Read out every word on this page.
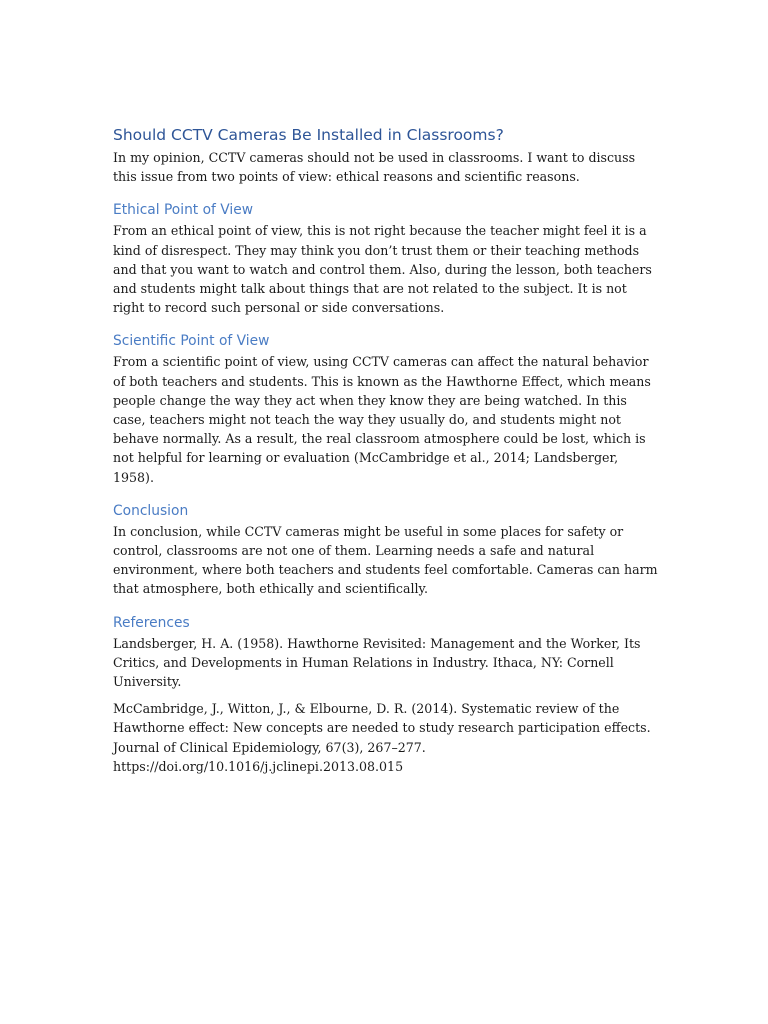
Should CCTV Cameras Be Installed in Classrooms?

In my opinion, CCTV cameras should not be used in classrooms. I want to discuss this issue from two points of view: ethical reasons and scientific reasons.

Ethical Point of View

From an ethical point of view, this is not right because the teacher might feel it is a kind of disrespect. They may think you don’t trust them or their teaching methods and that you want to watch and control them. Also, during the lesson, both teachers and students might talk about things that are not related to the subject. It is not right to record such personal or side conversations.

Scientific Point of View

From a scientific point of view, using CCTV cameras can affect the natural behavior of both teachers and students. This is known as the Hawthorne Effect, which means people change the way they act when they know they are being watched. In this case, teachers might not teach the way they usually do, and students might not behave normally. As a result, the real classroom atmosphere could be lost, which is not helpful for learning or evaluation (McCambridge et al., 2014; Landsberger, 1958).

Conclusion

In conclusion, while CCTV cameras might be useful in some places for safety or control, classrooms are not one of them. Learning needs a safe and natural environment, where both teachers and students feel comfortable. Cameras can harm that atmosphere, both ethically and scientifically.

References

Landsberger, H. A. (1958). Hawthorne Revisited: Management and the Worker, Its Critics, and Developments in Human Relations in Industry. Ithaca, NY: Cornell University.

McCambridge, J., Witton, J., & Elbourne, D. R. (2014). Systematic review of the Hawthorne effect: New concepts are needed to study research participation effects. Journal of Clinical Epidemiology, 67(3), 267–277. https://doi.org/10.1016/j.jclinepi.2013.08.015
